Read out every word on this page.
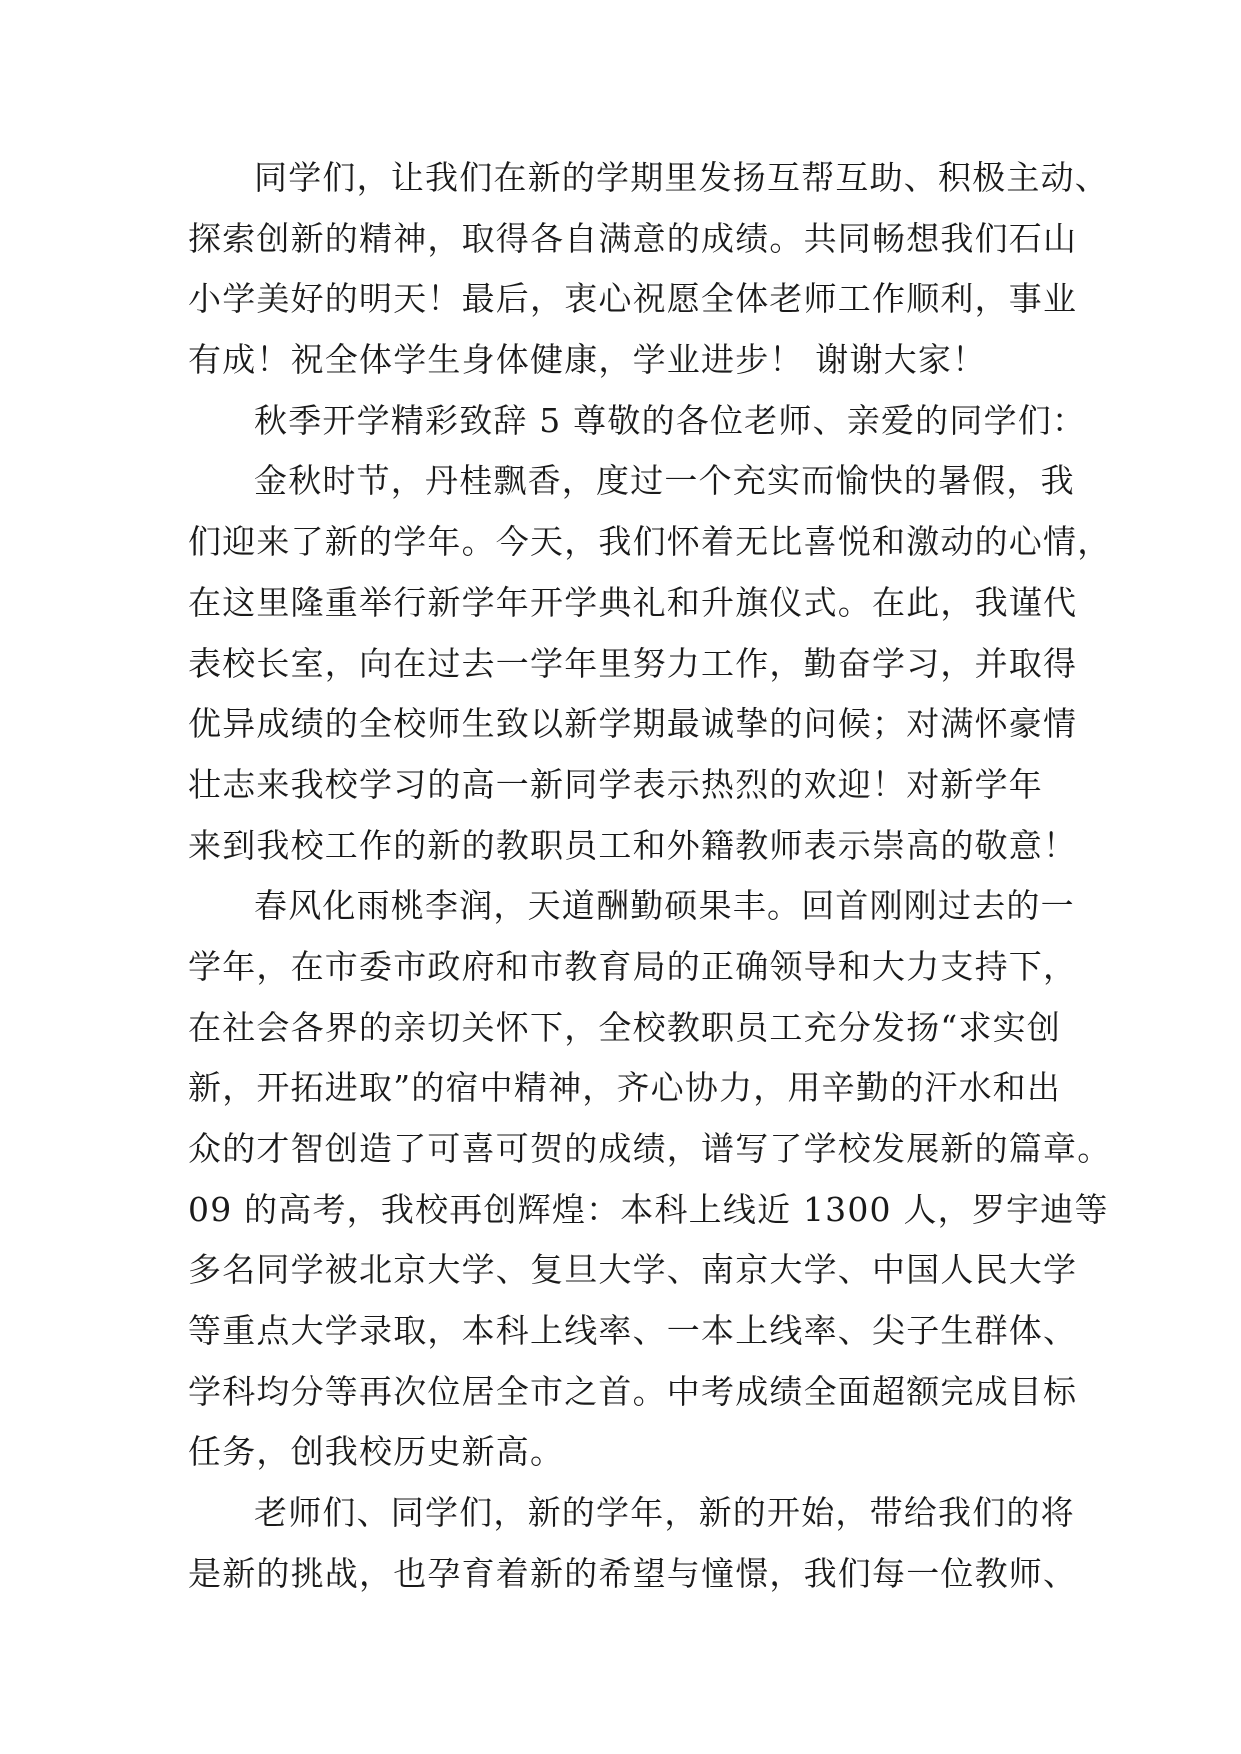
同学们，让我们在新的学期里发扬互帮互助、积极主动、
探索创新的精神，取得各自满意的成绩。共同畅想我们石山
小学美好的明天！最后，衷心祝愿全体老师工作顺利，事业
有成！祝全体学生身体健康，学业进步！ 谢谢大家！
秋季开学精彩致辞 5 尊敬的各位老师、亲爱的同学们：
金秋时节，丹桂飘香，度过一个充实而愉快的暑假，我
们迎来了新的学年。今天，我们怀着无比喜悦和激动的心情，
在这里隆重举行新学年开学典礼和升旗仪式。在此，我谨代
表校长室，向在过去一学年里努力工作，勤奋学习，并取得
优异成绩的全校师生致以新学期最诚挚的问候；对满怀豪情
壮志来我校学习的高一新同学表示热烈的欢迎！对新学年
来到我校工作的新的教职员工和外籍教师表示崇高的敬意！
春风化雨桃李润，天道酬勤硕果丰。回首刚刚过去的一
学年，在市委市政府和市教育局的正确领导和大力支持下，
在社会各界的亲切关怀下，全校教职员工充分发扬“求实创
新，开拓进取”的宿中精神，齐心协力，用辛勤的汗水和出
众的才智创造了可喜可贺的成绩，谱写了学校发展新的篇章。
09 的高考，我校再创辉煌：本科上线近 1300 人，罗宇迪等
多名同学被北京大学、复旦大学、南京大学、中国人民大学
等重点大学录取，本科上线率、一本上线率、尖子生群体、
学科均分等再次位居全市之首。中考成绩全面超额完成目标
任务，创我校历史新高。
老师们、同学们，新的学年，新的开始，带给我们的将
是新的挑战，也孕育着新的希望与憧憬，我们每一位教师、
